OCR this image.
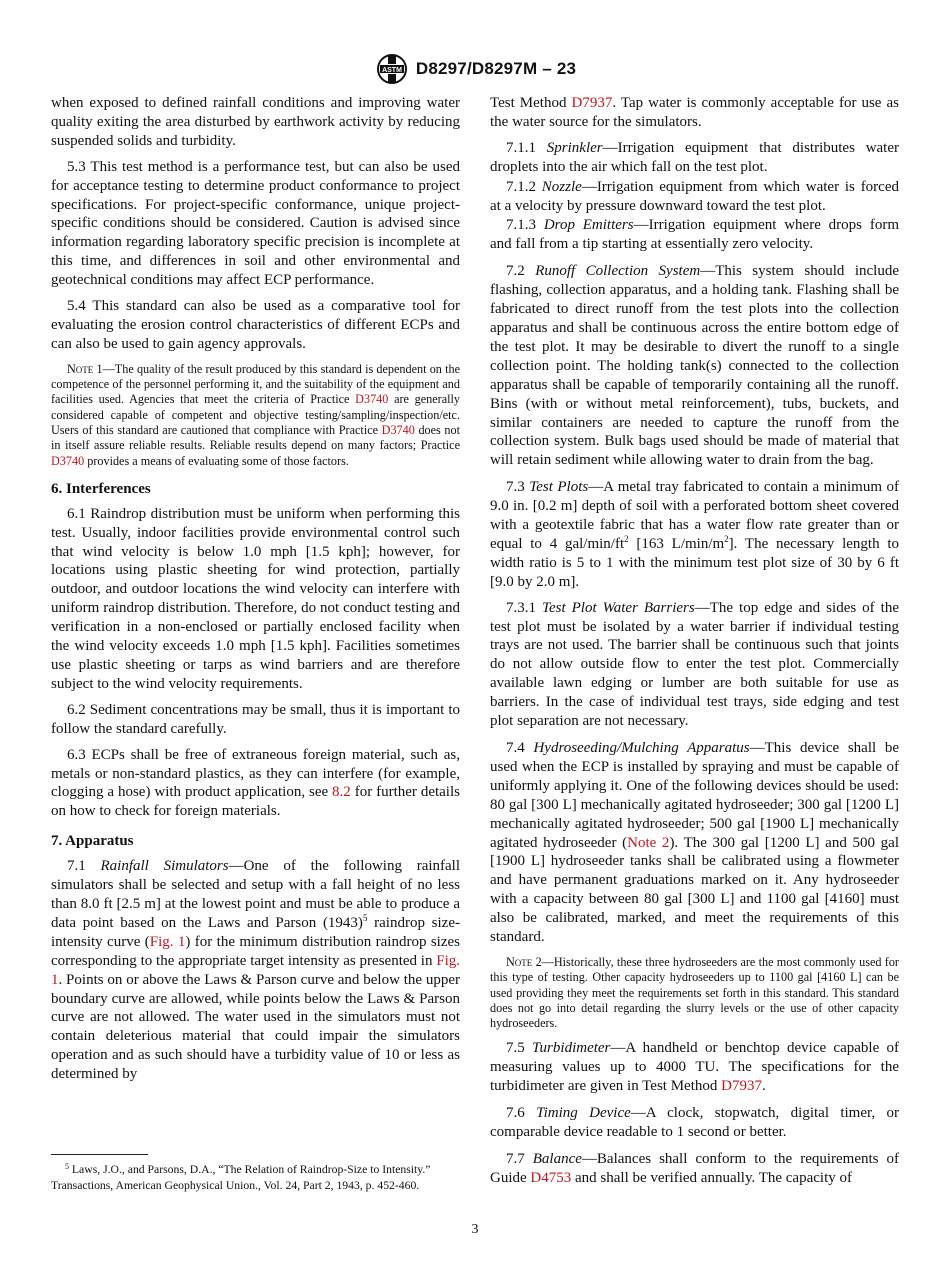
ASTM D8297/D8297M – 23

when exposed to defined rainfall conditions and improving water quality exiting the area disturbed by earthwork activity by reducing suspended solids and turbidity.

5.3 This test method is a performance test, but can also be used for acceptance testing to determine product conformance to project specifications. For project-specific conformance, unique project-specific conditions should be considered. Caution is advised since information regarding laboratory specific precision is incomplete at this time, and differences in soil and other environmental and geotechnical conditions may affect ECP performance.

5.4 This standard can also be used as a comparative tool for evaluating the erosion control characteristics of different ECPs and can also be used to gain agency approvals.

Note 1—The quality of the result produced by this standard is dependent on the competence of the personnel performing it, and the suitability of the equipment and facilities used. Agencies that meet the criteria of Practice D3740 are generally considered capable of competent and objective testing/sampling/inspection/etc. Users of this standard are cautioned that compliance with Practice D3740 does not in itself assure reliable results. Reliable results depend on many factors; Practice D3740 provides a means of evaluating some of those factors.

6. Interferences

6.1 Raindrop distribution must be uniform when performing this test. Usually, indoor facilities provide environmental control such that wind velocity is below 1.0 mph [1.5 kph]; however, for locations using plastic sheeting for wind protection, partially outdoor, and outdoor locations the wind velocity can interfere with uniform raindrop distribution. Therefore, do not conduct testing and verification in a non-enclosed or partially enclosed facility when the wind velocity exceeds 1.0 mph [1.5 kph]. Facilities sometimes use plastic sheeting or tarps as wind barriers and are therefore subject to the wind velocity requirements.

6.2 Sediment concentrations may be small, thus it is important to follow the standard carefully.

6.3 ECPs shall be free of extraneous foreign material, such as, metals or non-standard plastics, as they can interfere (for example, clogging a hose) with product application, see 8.2 for further details on how to check for foreign materials.

7. Apparatus

7.1 Rainfall Simulators—One of the following rainfall simulators shall be selected and setup with a fall height of no less than 8.0 ft [2.5 m] at the lowest point and must be able to produce a data point based on the Laws and Parson $(1943)^5$ raindrop size-intensity curve (Fig. 1) for the minimum distribution raindrop sizes corresponding to the appropriate target intensity as presented in Fig. 1. Points on or above the Laws & Parson curve and below the upper boundary curve are allowed, while points below the Laws & Parson curve are not allowed. The water used in the simulators must not contain deleterious material that could impair the simulators operation and as such should have a turbidity value of 10 or less as determined by

$^5$ Laws, J.O., and Parsons, D.A., “The Relation of Raindrop-Size to Intensity.” Transactions, American Geophysical Union., Vol. 24, Part 2, 1943, p. 452-460.

Test Method D7937. Tap water is commonly acceptable for use as the water source for the simulators.

7.1.1 Sprinkler—Irrigation equipment that distributes water droplets into the air which fall on the test plot.

7.1.2 Nozzle—Irrigation equipment from which water is forced at a velocity by pressure downward toward the test plot.

7.1.3 Drop Emitters—Irrigation equipment where drops form and fall from a tip starting at essentially zero velocity.

7.2 Runoff Collection System—This system should include flashing, collection apparatus, and a holding tank. Flashing shall be fabricated to direct runoff from the test plots into the collection apparatus and shall be continuous across the entire bottom edge of the test plot. It may be desirable to divert the runoff to a single collection point. The holding tank(s) connected to the collection apparatus shall be capable of temporarily containing all the runoff. Bins (with or without metal reinforcement), tubs, buckets, and similar containers are needed to capture the runoff from the collection system. Bulk bags used should be made of material that will retain sediment while allowing water to drain from the bag.

7.3 Test Plots—A metal tray fabricated to contain a minimum of 9.0 in. [0.2 m] depth of soil with a perforated bottom sheet covered with a geotextile fabric that has a water flow rate greater than or equal to 4 gal/$\min/ft^2$ [163 $L/\min/m^2$]. The necessary length to width ratio is 5 to 1 with the minimum test plot size of 30 by 6 ft [9.0 by 2.0 m].

7.3.1 Test Plot Water Barriers—The top edge and sides of the test plot must be isolated by a water barrier if individual testing trays are not used. The barrier shall be continuous such that joints do not allow outside flow to enter the test plot. Commercially available lawn edging or lumber are both suitable for use as barriers. In the case of individual test trays, side edging and test plot separation are not necessary.

7.4 Hydroseeding/Mulching Apparatus—This device shall be used when the ECP is installed by spraying and must be capable of uniformly applying it. One of the following devices should be used: 80 gal [300 L] mechanically agitated hydroseeder; 300 gal [1200 L] mechanically agitated hydroseeder; 500 gal [1900 L] mechanically agitated hydroseeder (Note 2). The 300 gal [1200 L] and 500 gal [1900 L] hydroseeder tanks shall be calibrated using a flowmeter and have permanent graduations marked on it. Any hydroseeder with a capacity between 80 gal [300 L] and 1100 gal [4160] must also be calibrated, marked, and meet the requirements of this standard.

Note 2—Historically, these three hydroseeders are the most commonly used for this type of testing. Other capacity hydroseeders up to 1100 gal [4160 L] can be used providing they meet the requirements set forth in this standard. This standard does not go into detail regarding the slurry levels or the use of other capacity hydroseeders.

7.5 Turbidimeter—A handheld or benchtop device capable of measuring values up to 4000 TU. The specifications for the turbidimeter are given in Test Method D7937.

7.6 Timing Device—A clock, stopwatch, digital timer, or comparable device readable to 1 second or better.

7.7 Balance—Balances shall conform to the requirements of Guide D4753 and shall be verified annually. The capacity of

3
